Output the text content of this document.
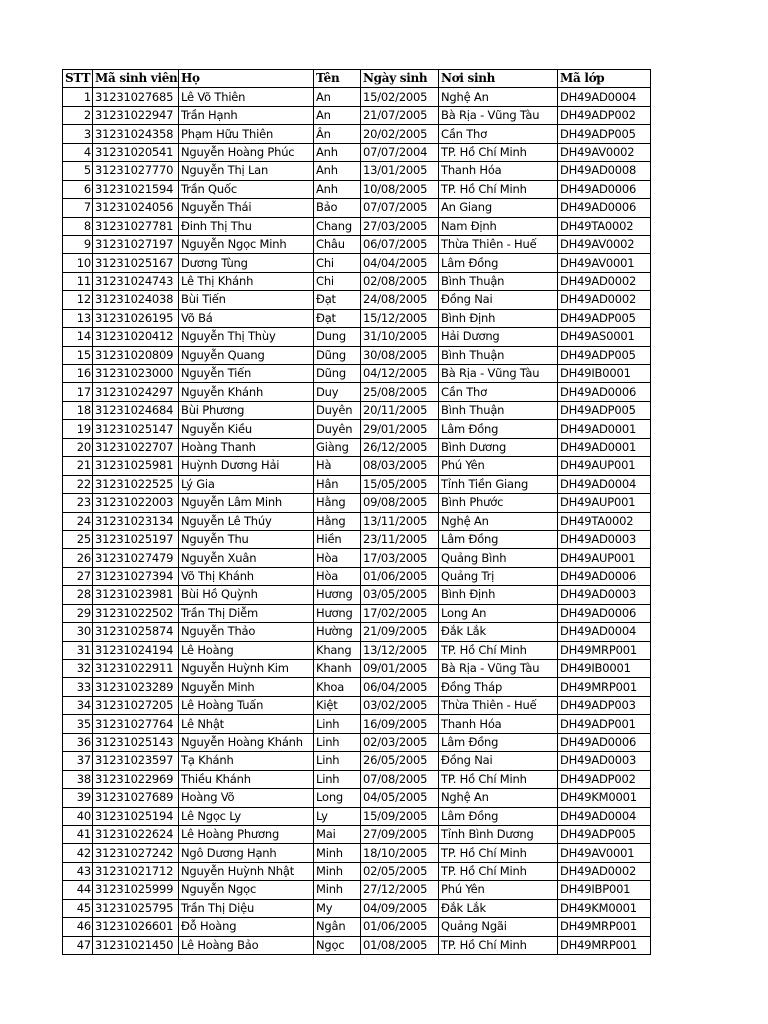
STT	Mã sinh viên	Họ	Tên	Ngày sinh	Nơi sinh	Mã lớp
1	31231027685	Lê Võ Thiên	An	15/02/2005	Nghệ An	DH49AD0004
2	31231022947	Trần Hạnh	An	21/07/2005	Bà Rịa - Vũng Tàu	DH49ADP002
3	31231024358	Phạm Hữu Thiên	Ân	20/02/2005	Cần Thơ	DH49ADP005
4	31231020541	Nguyễn Hoàng Phúc	Anh	07/07/2004	TP. Hồ Chí Minh	DH49AV0002
5	31231027770	Nguyễn Thị Lan	Anh	13/01/2005	Thanh Hóa	DH49AD0008
6	31231021594	Trần Quốc	Anh	10/08/2005	TP. Hồ Chí Minh	DH49AD0006
7	31231024056	Nguyễn Thái	Bảo	07/07/2005	An Giang	DH49AD0006
8	31231027781	Đinh Thị Thu	Chang	27/03/2005	Nam Định	DH49TA0002
9	31231027197	Nguyễn Ngọc Minh	Châu	06/07/2005	Thừa Thiên - Huế	DH49AV0002
10	31231025167	Dương Tùng	Chi	04/04/2005	Lâm Đồng	DH49AV0001
11	31231024743	Lê Thị Khánh	Chi	02/08/2005	Bình Thuận	DH49AD0002
12	31231024038	Bùi Tiến	Đạt	24/08/2005	Đồng Nai	DH49AD0002
13	31231026195	Võ Bá	Đạt	15/12/2005	Bình Định	DH49ADP005
14	31231020412	Nguyễn Thị Thùy	Dung	31/10/2005	Hải Dương	DH49AS0001
15	31231020809	Nguyễn Quang	Dũng	30/08/2005	Bình Thuận	DH49ADP005
16	31231023000	Nguyễn Tiến	Dũng	04/12/2005	Bà Rịa - Vũng Tàu	DH49IB0001
17	31231024297	Nguyễn Khánh	Duy	25/08/2005	Cần Thơ	DH49AD0006
18	31231024684	Bùi Phương	Duyên	20/11/2005	Bình Thuận	DH49ADP005
19	31231025147	Nguyễn Kiều	Duyên	29/01/2005	Lâm Đồng	DH49AD0001
20	31231022707	Hoàng Thanh	Giàng	26/12/2005	Bình Dương	DH49AD0001
21	31231025981	Huỳnh Dương Hải	Hà	08/03/2005	Phú Yên	DH49AUP001
22	31231022525	Lý Gia	Hân	15/05/2005	Tỉnh Tiền Giang	DH49AD0004
23	31231022003	Nguyễn Lâm Minh	Hằng	09/08/2005	Bình Phước	DH49AUP001
24	31231023134	Nguyễn Lê Thúy	Hằng	13/11/2005	Nghệ An	DH49TA0002
25	31231025197	Nguyễn Thu	Hiền	23/11/2005	Lâm Đồng	DH49AD0003
26	31231027479	Nguyễn Xuân	Hòa	17/03/2005	Quảng Bình	DH49AUP001
27	31231027394	Võ Thị Khánh	Hòa	01/06/2005	Quảng Trị	DH49AD0006
28	31231023981	Bùi Hồ Quỳnh	Hương	03/05/2005	Bình Định	DH49AD0003
29	31231022502	Trần Thị Diễm	Hương	17/02/2005	Long An	DH49AD0006
30	31231025874	Nguyễn Thảo	Hường	21/09/2005	Đắk Lắk	DH49AD0004
31	31231024194	Lê Hoàng	Khang	13/12/2005	TP. Hồ Chí Minh	DH49MRP001
32	31231022911	Nguyễn Huỳnh Kim	Khanh	09/01/2005	Bà Rịa - Vũng Tàu	DH49IB0001
33	31231023289	Nguyễn Minh	Khoa	06/04/2005	Đồng Tháp	DH49MRP001
34	31231027205	Lê Hoàng Tuấn	Kiệt	03/02/2005	Thừa Thiên - Huế	DH49ADP003
35	31231027764	Lê Nhật	Linh	16/09/2005	Thanh Hóa	DH49ADP001
36	31231025143	Nguyễn Hoàng Khánh	Linh	02/03/2005	Lâm Đồng	DH49AD0006
37	31231023597	Tạ Khánh	Linh	26/05/2005	Đồng Nai	DH49AD0003
38	31231022969	Thiều Khánh	Linh	07/08/2005	TP. Hồ Chí Minh	DH49ADP002
39	31231027689	Hoàng Võ	Long	04/05/2005	Nghệ An	DH49KM0001
40	31231025194	Lê Ngọc Ly	Ly	15/09/2005	Lâm Đồng	DH49AD0004
41	31231022624	Lê Hoàng Phương	Mai	27/09/2005	Tỉnh Bình Dương	DH49ADP005
42	31231027242	Ngô Dương Hạnh	Minh	18/10/2005	TP. Hồ Chí Minh	DH49AV0001
43	31231021712	Nguyễn Huỳnh Nhật	Minh	02/05/2005	TP. Hồ Chí Minh	DH49AD0002
44	31231025999	Nguyễn Ngọc	Minh	27/12/2005	Phú Yên	DH49IBP001
45	31231025795	Trần Thị Diệu	My	04/09/2005	Đắk Lắk	DH49KM0001
46	31231026601	Đỗ Hoàng	Ngân	01/06/2005	Quảng Ngãi	DH49MRP001
47	31231021450	Lê Hoàng Bảo	Ngọc	01/08/2005	TP. Hồ Chí Minh	DH49MRP001
